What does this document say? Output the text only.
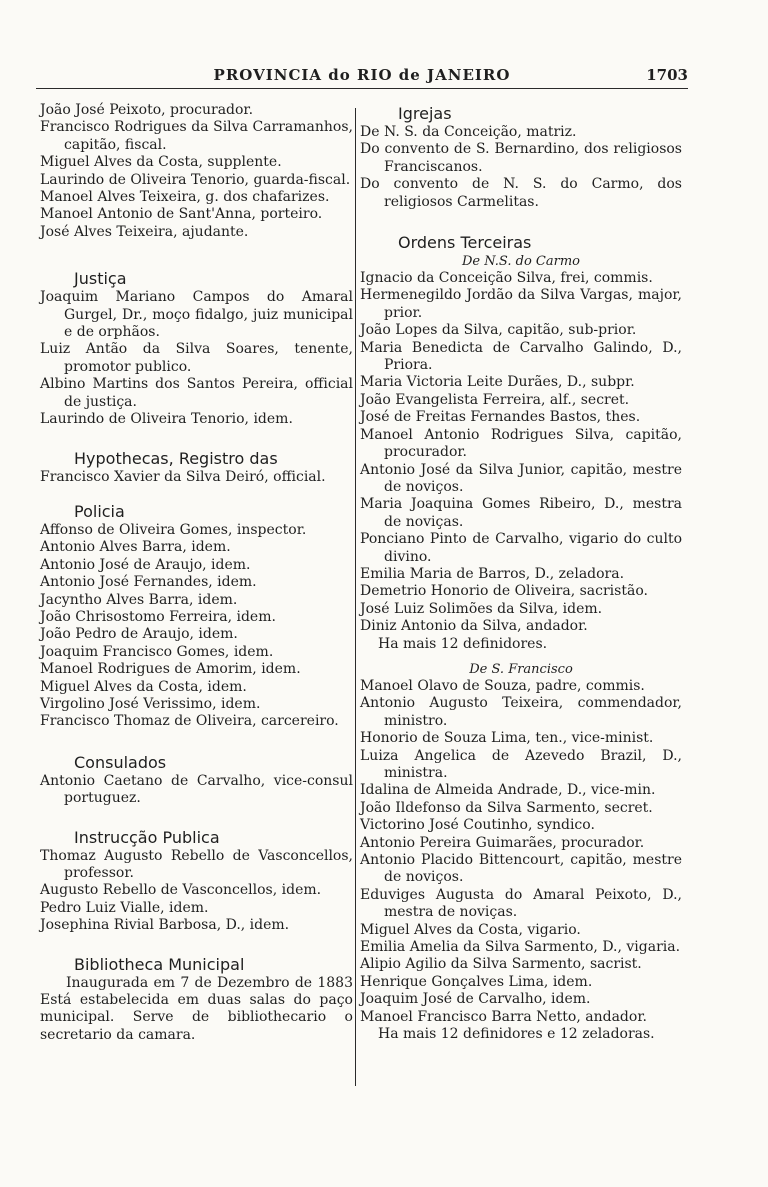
PROVINCIA do RIO de JANEIRO	1703
João José Peixoto, procurador.
Francisco Rodrigues da Silva Carramanhos, capitão, fiscal.
Miguel Alves da Costa, supplente.
Laurindo de Oliveira Tenorio, guarda-fiscal.
Manoel Alves Teixeira, g. dos chafarizes.
Manoel Antonio de Sant'Anna, porteiro.
José Alves Teixeira, ajudante.
Justiça
Joaquim Mariano Campos do Amaral Gurgel, Dr., moço fidalgo, juiz municipal e de orphãos.
Luiz Antão da Silva Soares, tenente, promotor publico.
Albino Martins dos Santos Pereira, official de justiça.
Laurindo de Oliveira Tenorio, idem.
Hypothecas, Registro das
Francisco Xavier da Silva Deiró, official.
Policia
Affonso de Oliveira Gomes, inspector.
Antonio Alves Barra, idem.
Antonio José de Araujo, idem.
Antonio José Fernandes, idem.
Jacyntho Alves Barra, idem.
João Chrisostomo Ferreira, idem.
João Pedro de Araujo, idem.
Joaquim Francisco Gomes, idem.
Manoel Rodrigues de Amorim, idem.
Miguel Alves da Costa, idem.
Virgolino José Verissimo, idem.
Francisco Thomaz de Oliveira, carcereiro.
Consulados
Antonio Caetano de Carvalho, vice-consul portuguez.
Instrucção Publica
Thomaz Augusto Rebello de Vasconcellos, professor.
Augusto Rebello de Vasconcellos, idem.
Pedro Luiz Vialle, idem.
Josephina Rivial Barbosa, D., idem.
Bibliotheca Municipal
Inaugurada em 7 de Dezembro de 1883 Está estabelecida em duas salas do paço municipal. Serve de bibliothecario o secretario da camara.
Igrejas
De N. S. da Conceição, matriz.
Do convento de S. Bernardino, dos religiosos Franciscanos.
Do convento de N. S. do Carmo, dos religiosos Carmelitas.
Ordens Terceiras
De N.S. do Carmo
Ignacio da Conceição Silva, frei, commis.
Hermenegildo Jordão da Silva Vargas, major, prior.
João Lopes da Silva, capitão, sub-prior.
Maria Benedicta de Carvalho Galindo, D., Priora.
Maria Victoria Leite Durães, D., subpr.
João Evangelista Ferreira, alf., secret.
José de Freitas Fernandes Bastos, thes.
Manoel Antonio Rodrigues Silva, capitão, procurador.
Antonio José da Silva Junior, capitão, mestre de noviços.
Maria Joaquina Gomes Ribeiro, D., mestra de noviças.
Ponciano Pinto de Carvalho, vigario do culto divino.
Emilia Maria de Barros, D., zeladora.
Demetrio Honorio de Oliveira, sacristão.
José Luiz Solimões da Silva, idem.
Diniz Antonio da Silva, andador.
Ha mais 12 definidores.
De S. Francisco
Manoel Olavo de Souza, padre, commis.
Antonio Augusto Teixeira, commendador, ministro.
Honorio de Souza Lima, ten., vice-minist.
Luiza Angelica de Azevedo Brazil, D., ministra.
Idalina de Almeida Andrade, D., vice-min.
João Ildefonso da Silva Sarmento, secret.
Victorino José Coutinho, syndico.
Antonio Pereira Guimarães, procurador.
Antonio Placido Bittencourt, capitão, mestre de noviços.
Eduviges Augusta do Amaral Peixoto, D., mestra de noviças.
Miguel Alves da Costa, vigario.
Emilia Amelia da Silva Sarmento, D., vigaria.
Alipio Agilio da Silva Sarmento, sacrist.
Henrique Gonçalves Lima, idem.
Joaquim José de Carvalho, idem.
Manoel Francisco Barra Netto, andador.
Ha mais 12 definidores e 12 zeladoras.
